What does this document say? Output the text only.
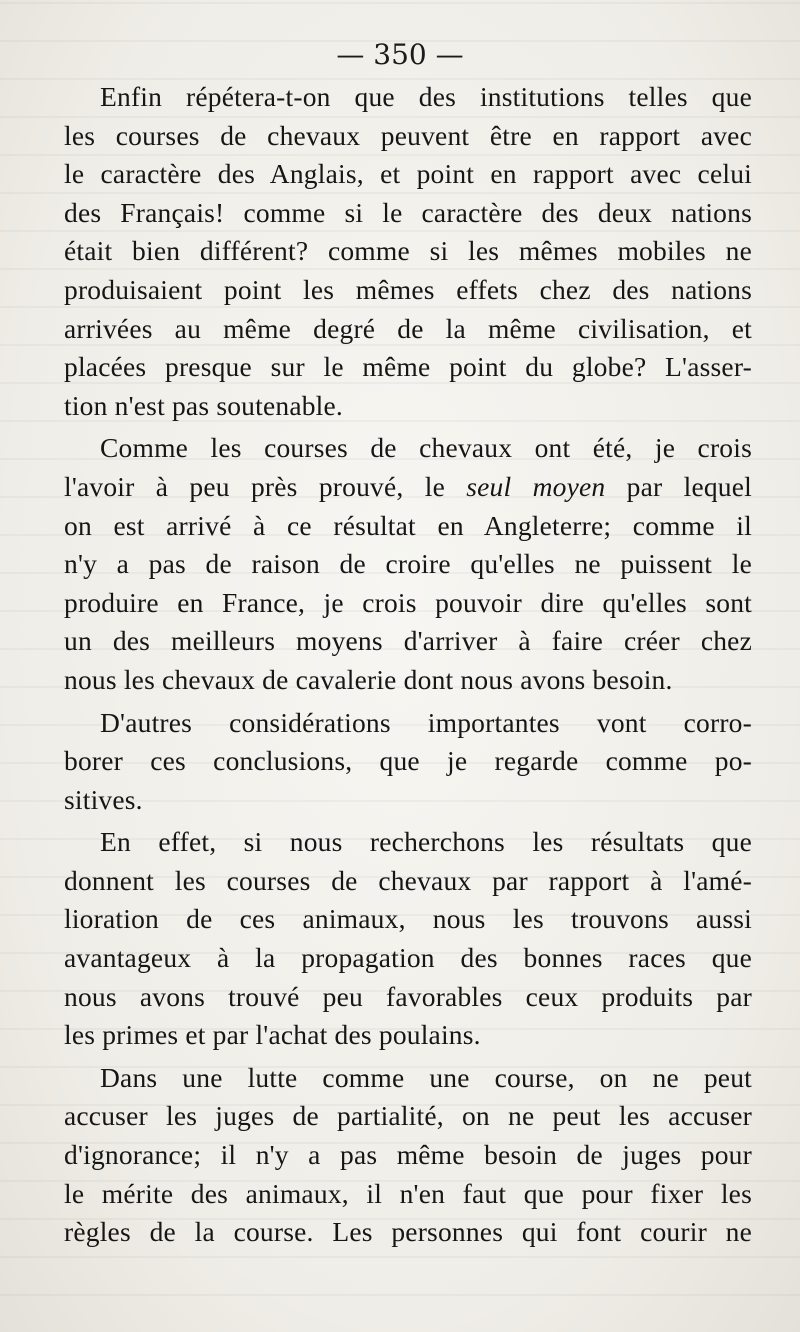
— 350 —

Enfin répétera-t-on que des institutions telles que
les courses de chevaux peuvent être en rapport avec
le caractère des Anglais, et point en rapport avec celui
des Français! comme si le caractère des deux nations
était bien différent? comme si les mêmes mobiles ne
produisaient point les mêmes effets chez des nations
arrivées au même degré de la même civilisation, et
placées presque sur le même point du globe? L'asser-
tion n'est pas soutenable.

Comme les courses de chevaux ont été, je crois
l'avoir à peu près prouvé, le seul moyen par lequel
on est arrivé à ce résultat en Angleterre; comme il
n'y a pas de raison de croire qu'elles ne puissent le
produire en France, je crois pouvoir dire qu'elles sont
un des meilleurs moyens d'arriver à faire créer chez
nous les chevaux de cavalerie dont nous avons besoin.

D'autres considérations importantes vont corro-
borer ces conclusions, que je regarde comme po-
sitives.

En effet, si nous recherchons les résultats que
donnent les courses de chevaux par rapport à l'amé-
lioration de ces animaux, nous les trouvons aussi
avantageux à la propagation des bonnes races que
nous avons trouvé peu favorables ceux produits par
les primes et par l'achat des poulains.

Dans une lutte comme une course, on ne peut
accuser les juges de partialité, on ne peut les accuser
d'ignorance; il n'y a pas même besoin de juges pour
le mérite des animaux, il n'en faut que pour fixer les
règles de la course. Les personnes qui font courir ne
